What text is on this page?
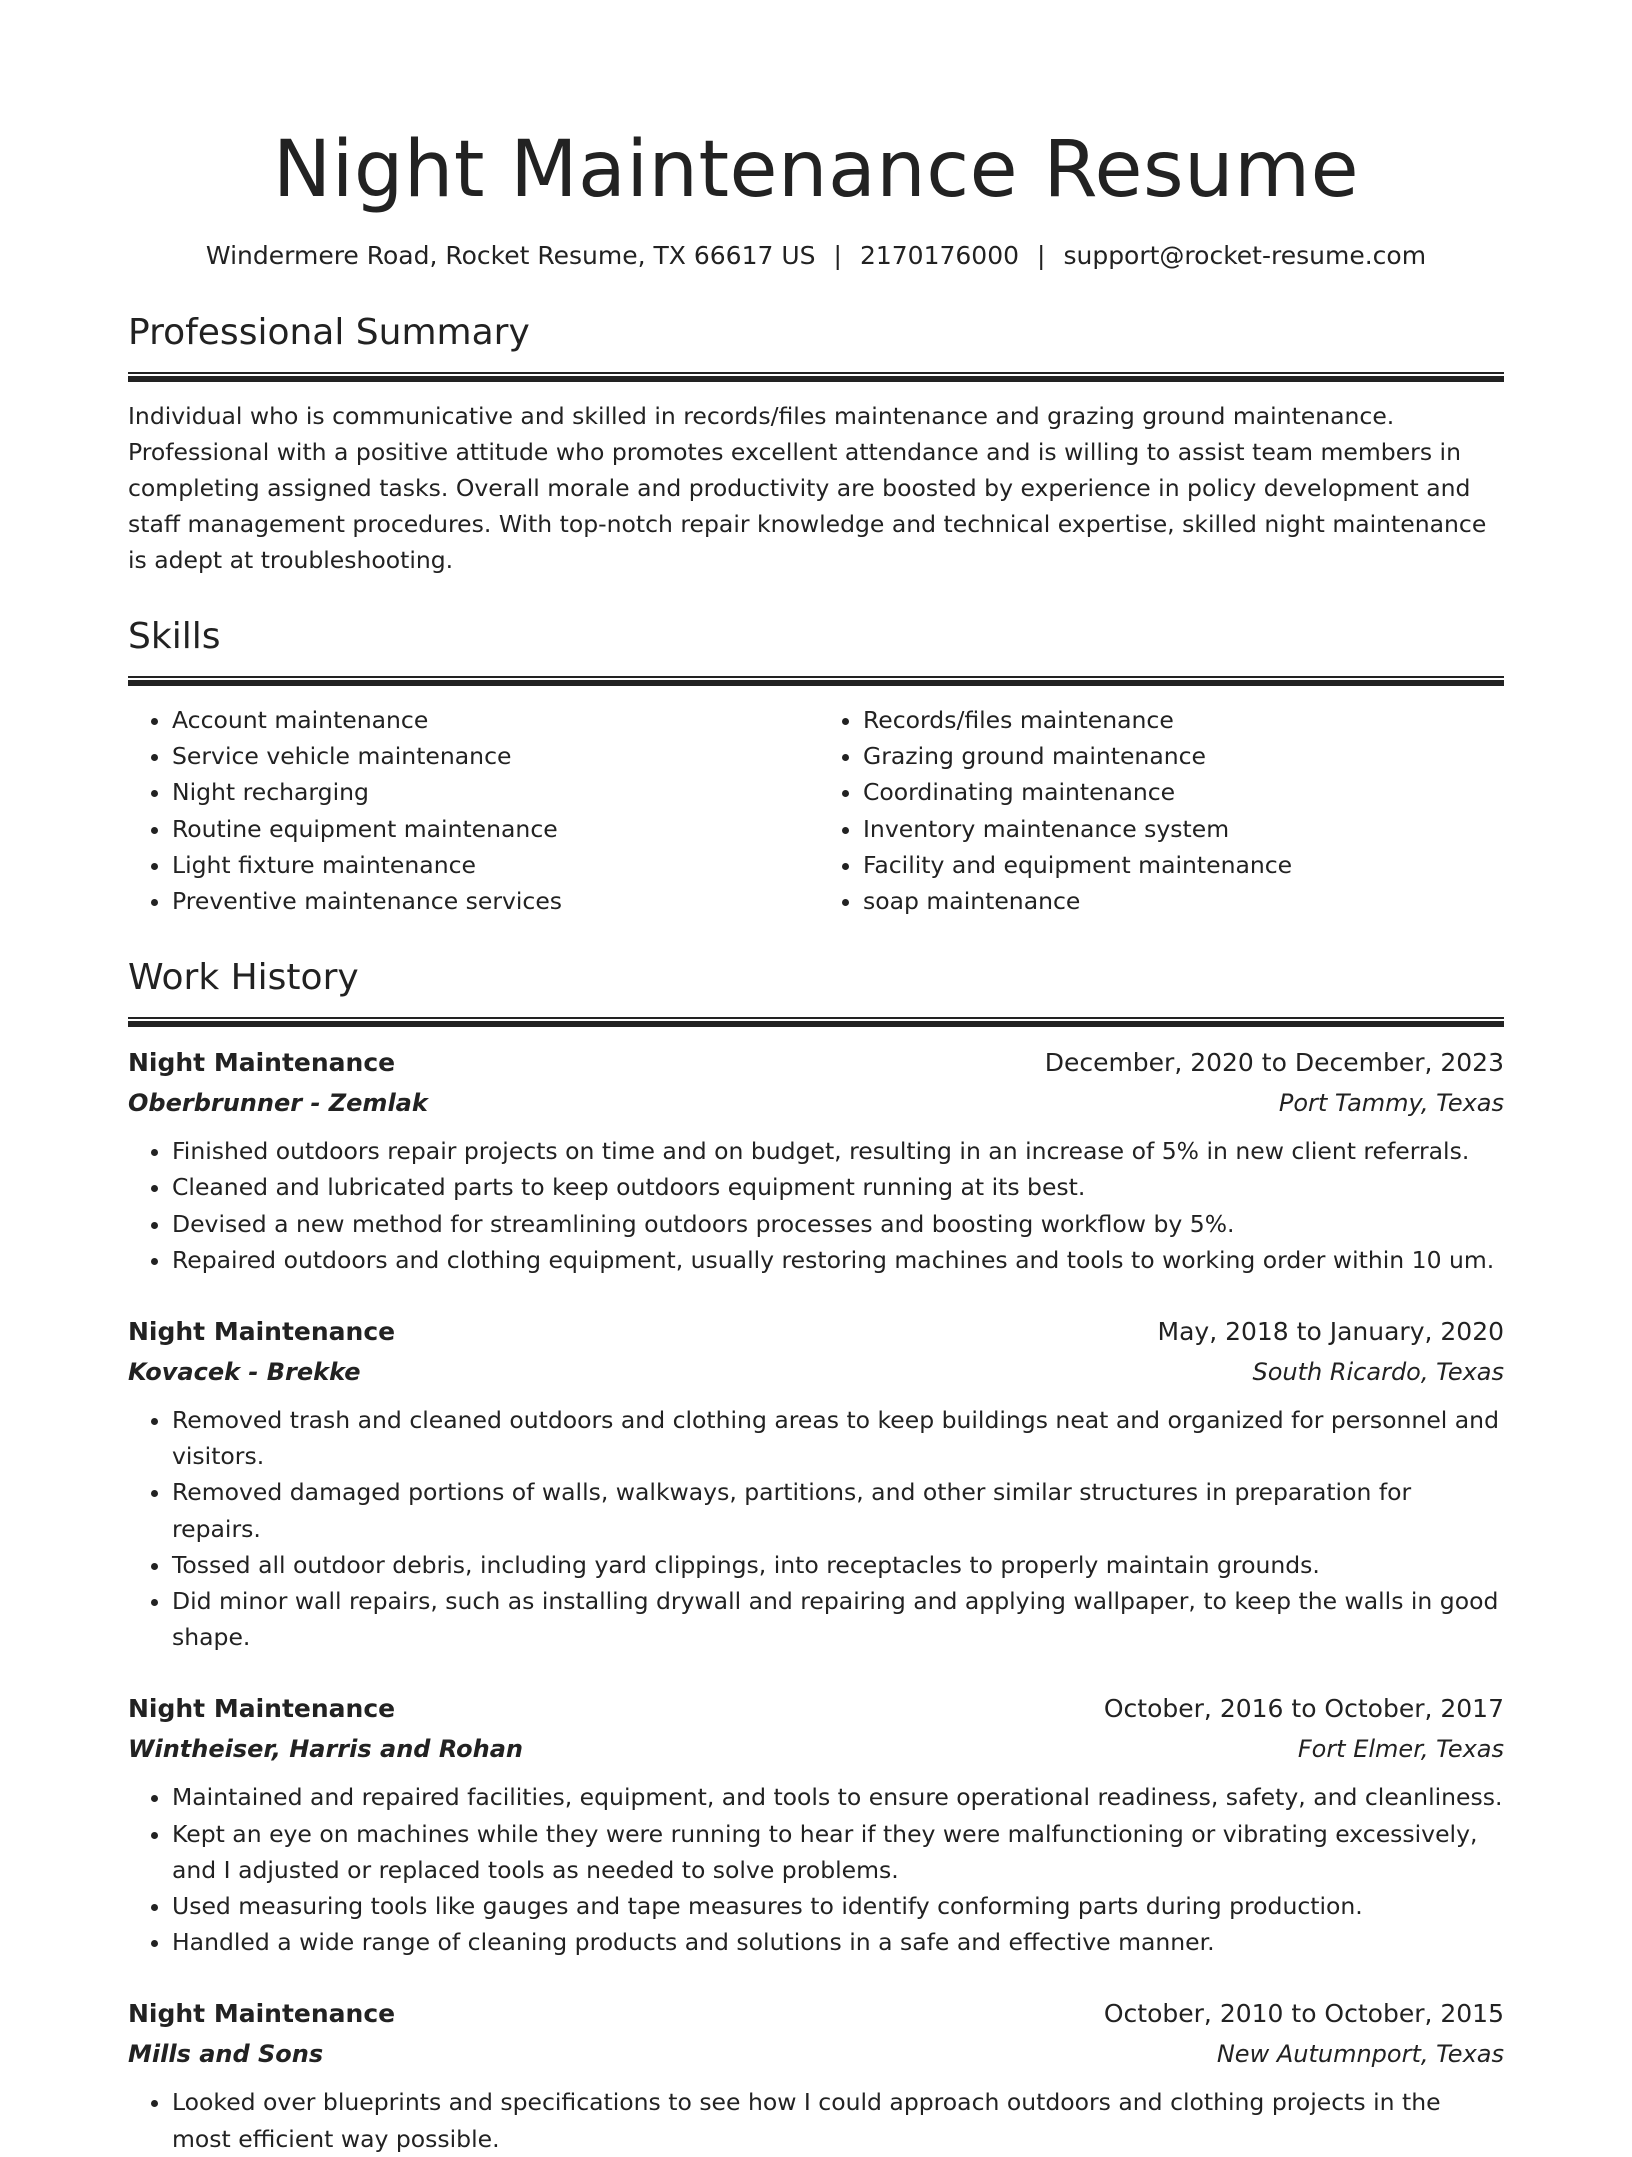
Night Maintenance Resume
Windermere Road, Rocket Resume, TX 66617 US | 2170176000 | support@rocket-resume.com
Professional Summary
Individual who is communicative and skilled in records/files maintenance and grazing ground maintenance. Professional with a positive attitude who promotes excellent attendance and is willing to assist team members in completing assigned tasks. Overall morale and productivity are boosted by experience in policy development and staff management procedures. With top-notch repair knowledge and technical expertise, skilled night maintenance is adept at troubleshooting.
Skills
• Account maintenance
• Service vehicle maintenance
• Night recharging
• Routine equipment maintenance
• Light fixture maintenance
• Preventive maintenance services
• Records/files maintenance
• Grazing ground maintenance
• Coordinating maintenance
• Inventory maintenance system
• Facility and equipment maintenance
• soap maintenance
Work History
Night Maintenance	December, 2020 to December, 2023
Oberbrunner - Zemlak	Port Tammy, Texas
• Finished outdoors repair projects on time and on budget, resulting in an increase of 5% in new client referrals.
• Cleaned and lubricated parts to keep outdoors equipment running at its best.
• Devised a new method for streamlining outdoors processes and boosting workflow by 5%.
• Repaired outdoors and clothing equipment, usually restoring machines and tools to working order within 10 um.
Night Maintenance	May, 2018 to January, 2020
Kovacek - Brekke	South Ricardo, Texas
• Removed trash and cleaned outdoors and clothing areas to keep buildings neat and organized for personnel and visitors.
• Removed damaged portions of walls, walkways, partitions, and other similar structures in preparation for repairs.
• Tossed all outdoor debris, including yard clippings, into receptacles to properly maintain grounds.
• Did minor wall repairs, such as installing drywall and repairing and applying wallpaper, to keep the walls in good shape.
Night Maintenance	October, 2016 to October, 2017
Wintheiser, Harris and Rohan	Fort Elmer, Texas
• Maintained and repaired facilities, equipment, and tools to ensure operational readiness, safety, and cleanliness.
• Kept an eye on machines while they were running to hear if they were malfunctioning or vibrating excessively, and I adjusted or replaced tools as needed to solve problems.
• Used measuring tools like gauges and tape measures to identify conforming parts during production.
• Handled a wide range of cleaning products and solutions in a safe and effective manner.
Night Maintenance	October, 2010 to October, 2015
Mills and Sons	New Autumnport, Texas
• Looked over blueprints and specifications to see how I could approach outdoors and clothing projects in the most efficient way possible.
